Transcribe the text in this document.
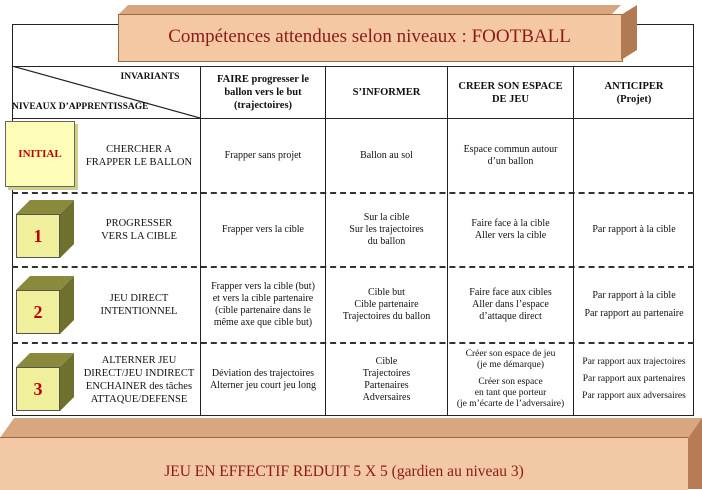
Compétences attendues selon niveaux : FOOTBALL
INVARIANTS
NIVEAUX D’APPRENTISSAGE
FAIRE progresser le
ballon vers le but
(trajectoires)
S’INFORMER
CREER SON ESPACE
DE JEU
ANTICIPER
(Projet)
INITIAL
1
2
3
CHERCHER A
FRAPPER LE BALLON
PROGRESSER
VERS LA CIBLE
JEU DIRECT
INTENTIONNEL
ALTERNER JEU
DIRECT/JEU INDIRECT
ENCHAINER des tâches
ATTAQUE/DEFENSE
Frapper sans projet	Ballon au sol
Espace commun autour
d’un ballon
Frapper vers la cible
Sur la cible
Sur les trajectoires
du ballon
Faire face à la cible
Aller vers la cible
Par rapport à la cible
Frapper vers la cible (but)
et vers la cible partenaire
(cible partenaire dans le
même axe que cible but)
Cible but
Cible partenaire
Trajectoires du ballon
Faire face aux cibles
Aller dans l’espace
d’attaque direct
Par rapport à la cible

Par rapport au partenaire
Déviation des trajectoires
Alterner jeu court jeu long
Cible
Trajectoires
Partenaires
Adversaires
Créer son espace de jeu
(je me démarque)

Créer son espace
en tant que porteur
(je m’écarte de l’adversaire)
Par rapport aux trajectoires

Par rapport aux partenaires

Par rapport aux adversaires
JEU EN EFFECTIF REDUIT 5 X 5 (gardien au niveau 3)
